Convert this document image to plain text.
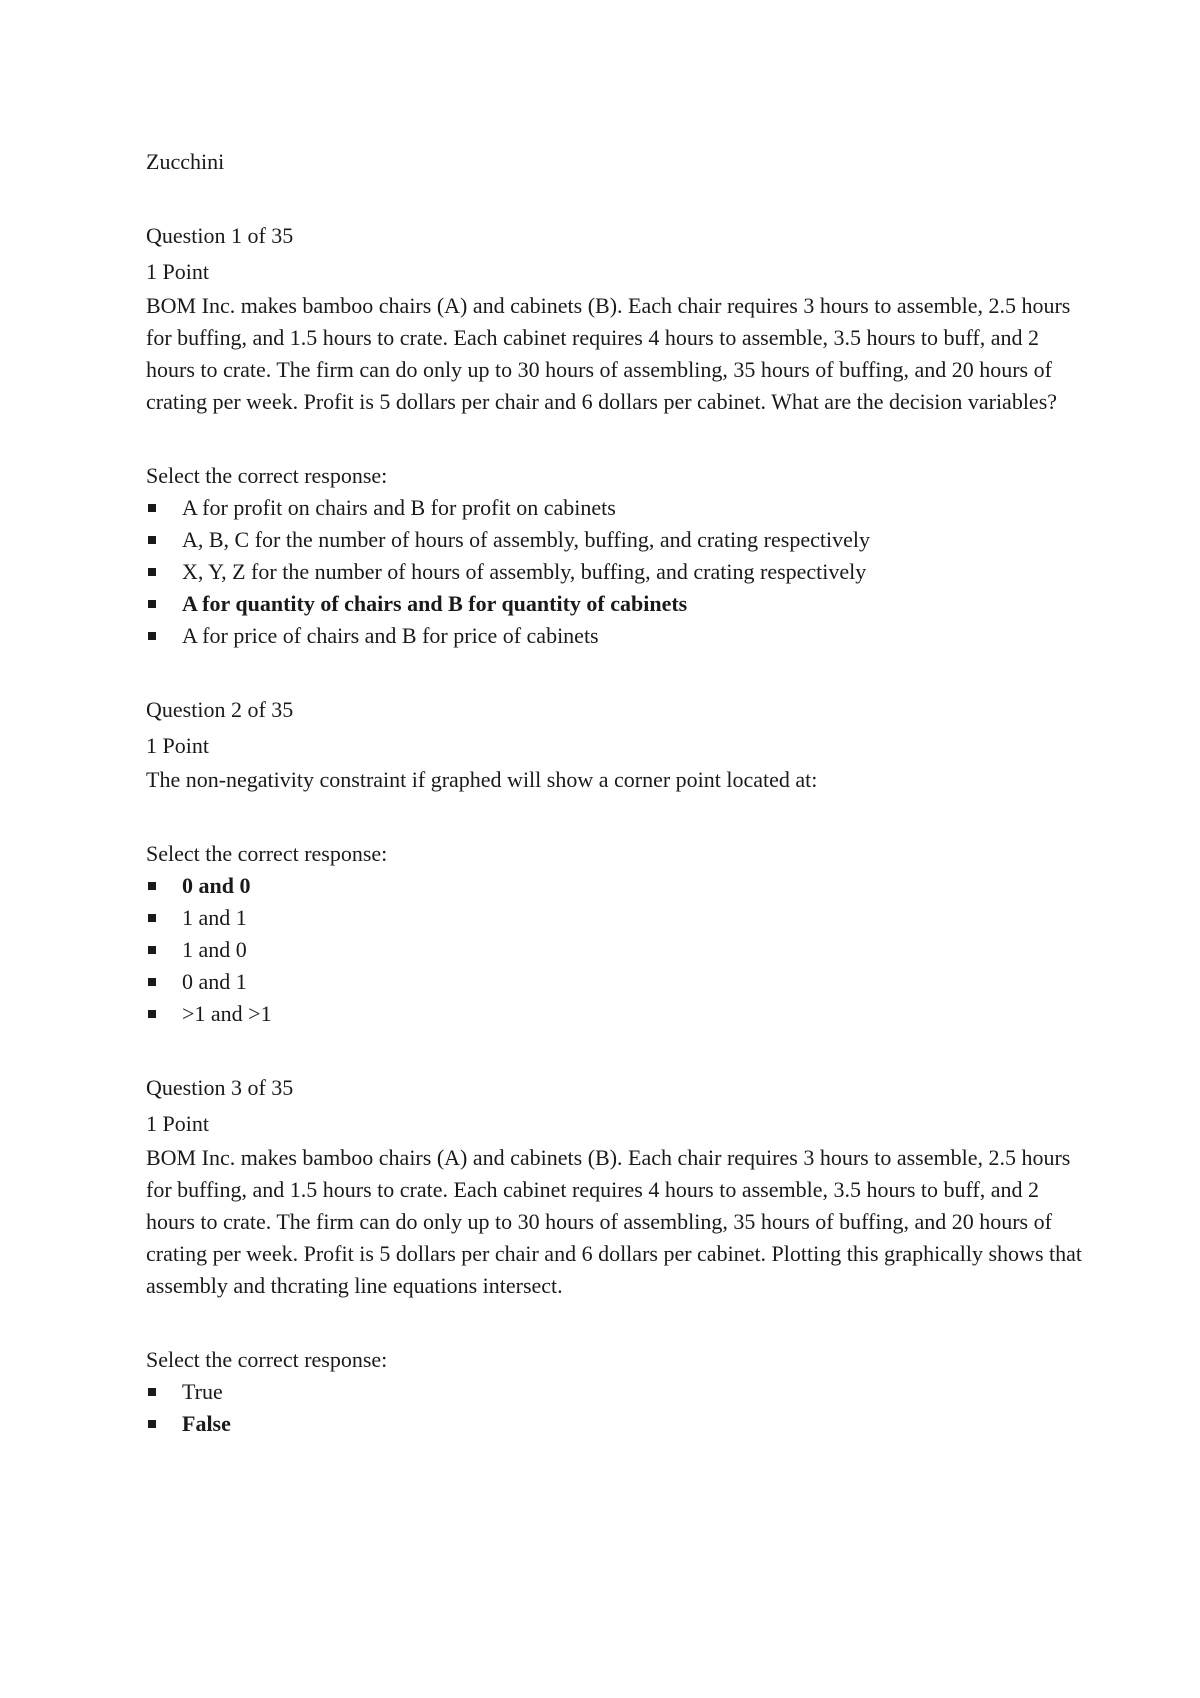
Zucchini

Question 1 of 35

1 Point

BOM Inc. makes bamboo chairs (A) and cabinets (B). Each chair requires 3 hours to assemble, 2.5 hours for buffing, and 1.5 hours to crate. Each cabinet requires 4 hours to assemble, 3.5 hours to buff, and 2 hours to crate. The firm can do only up to 30 hours of assembling, 35 hours of buffing, and 20 hours of crating per week. Profit is 5 dollars per chair and 6 dollars per cabinet. What are the decision variables?

Select the correct response:

A for profit on chairs and B for profit on cabinets
A, B, C for the number of hours of assembly, buffing, and crating respectively
X, Y, Z for the number of hours of assembly, buffing, and crating respectively
A for quantity of chairs and B for quantity of cabinets
A for price of chairs and B for price of cabinets

Question 2 of 35

1 Point

The non-negativity constraint if graphed will show a corner point located at:

Select the correct response:

0 and 0
1 and 1
1 and 0
0 and 1
>1 and >1

Question 3 of 35

1 Point

BOM Inc. makes bamboo chairs (A) and cabinets (B). Each chair requires 3 hours to assemble, 2.5 hours for buffing, and 1.5 hours to crate. Each cabinet requires 4 hours to assemble, 3.5 hours to buff, and 2 hours to crate. The firm can do only up to 30 hours of assembling, 35 hours of buffing, and 20 hours of crating per week. Profit is 5 dollars per chair and 6 dollars per cabinet. Plotting this graphically shows that assembly and thcrating line equations intersect.

Select the correct response:

True
False
